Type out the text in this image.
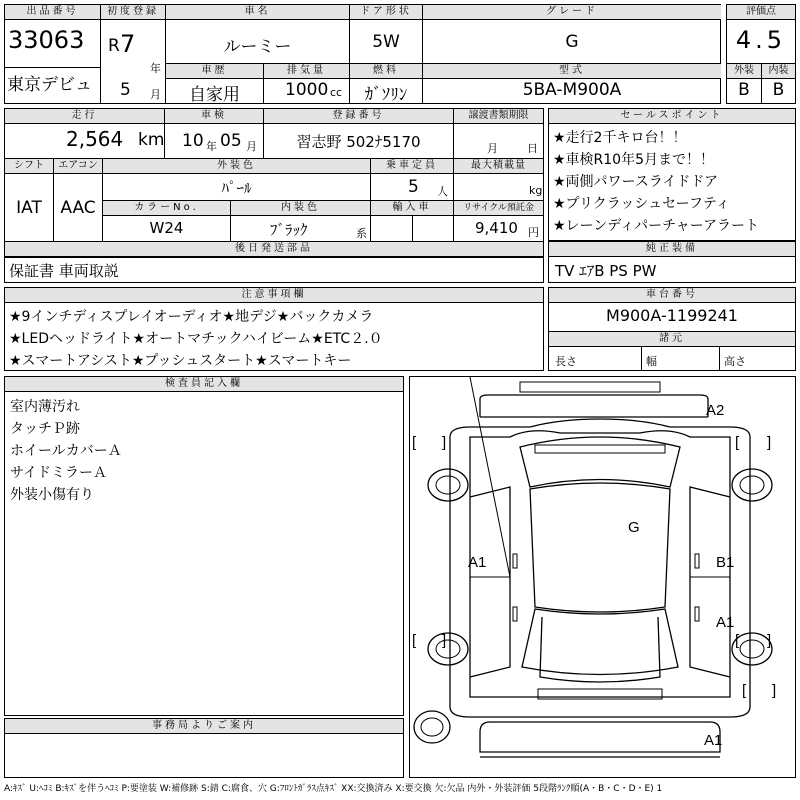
出品番号
33063
東京デビュ
初度登録
R 7
年
5 月
車名
ルーミー
ドア形状
5W
グレード
G
車歴
自家用
排気量
1000 cc
燃料
ｶﾞｿﾘﾝ
型式
5BA-M900A
評価点
4.5
外装	内装
B	B
走行
2,564 km
車検
10 年 05 月
登録番号
習志野 502ﾅ5170
譲渡書類期限
月	日
シフト
IAT
エアコン
AAC
外装色
ﾊﾟｰﾙ
乗車定員
5 人
最大積載量
kg
カラーNo.
W24
内装色
ﾌﾞﾗｯｸ	系
輸入車	リサイクル預託金
9,410 円
後日発送部品
保証書 車両取説
セールスポイント
★走行2千キロ台！！
★車検R10年5月まで！！
★両側パワースライドドア
★プリクラッシュセーフティ
★レーンディパーチャーアラート
純正装備
TV ｴｱB PS PW
注意事項欄
★9インチディスプレイオーディオ★地デジ★バックカメラ
★LEDヘッドライト★オートマチックハイビーム★ETC２.０
★スマートアシスト★プッシュスタート★スマートキー
車台番号
M900A-1199241
諸元
長さ	幅	高さ
検査員記入欄
室内薄汚れ
タッチＰ跡
ホイールカバーＡ
サイドミラーＡ
外装小傷有り
事務局よりご案内
[ ]	[ ]
[ ]	[ ]
[ ]
A2
G
A1	B1
A1
A1
A:ｷｽﾞ U:ﾍｺﾐ B:ｷｽﾞを伴うﾍｺﾐ P:要塗装 W:補修跡 S:錆 C:腐食、穴 G:ﾌﾛﾝﾄｶﾞﾗｽ点ｷｽﾞ XX:交換済み X:要交換 欠:欠品 内外・外装評価 5段階ﾗﾝｸ順(A・B・C・D・E) 1
